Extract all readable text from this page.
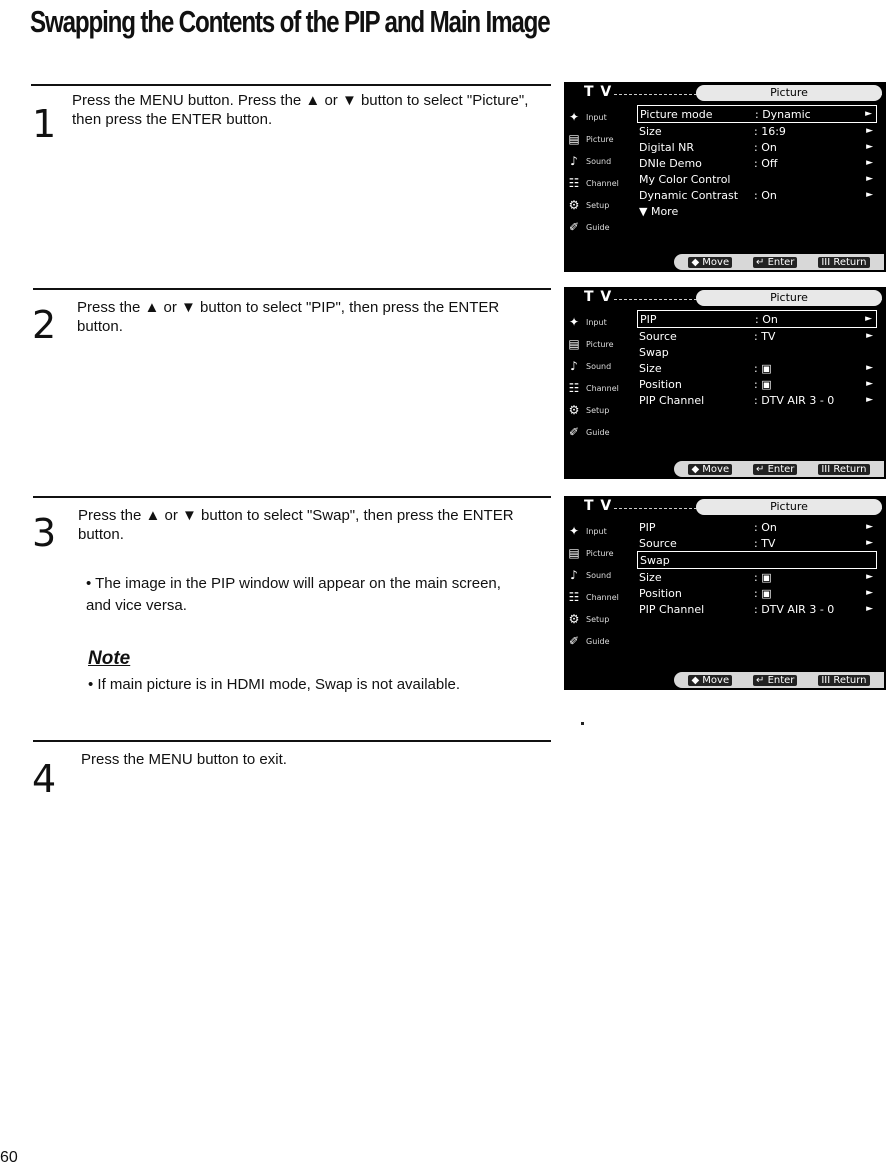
Swapping the Contents of the PIP and Main Image
1
Press the MENU button. Press the ▲ or ▼ button to select "Picture", then press the ENTER button.
2 Press the ▲ or ▼ button to select "PIP", then press the ENTER button.
3 Press the ▲ or ▼ button to select "Swap", then press the ENTER button.
• The image in the PIP window will appear on the main screen, and vice versa.
Note
• If main picture is in HDMI mode, Swap is not available.
4 Press the MENU button to exit.
60
T V	Picture
✦ Input
▤ Picture
♪	Sound
☷ Channel
⚙ Setup
✐ Guide
Picture mode	: Dynamic	►
Size	: 16:9	►
Digital NR	: On	►
DNIe Demo	: Off	►
My Color Control	►
Dynamic Contrast	: On	►
▼ More
◆ Move	↵ Enter	III Return
T V	Picture
✦ Input
▤ Picture
♪	Sound
☷ Channel
⚙ Setup
✐ Guide
PIP	: On	►
Source	: TV	►
Swap
Size	: ▣	►
Position	: ▣	►
PIP Channel	: DTV AIR 3 - 0	►
◆ Move	↵ Enter	III Return
T V	Picture
✦ Input
▤ Picture
♪	Sound
☷ Channel
⚙ Setup
✐ Guide
PIP	: On	►
Source	: TV	►
Swap
Size	: ▣	►
Position	: ▣	►
PIP Channel	: DTV AIR 3 - 0	►
◆ Move	↵ Enter	III Return
